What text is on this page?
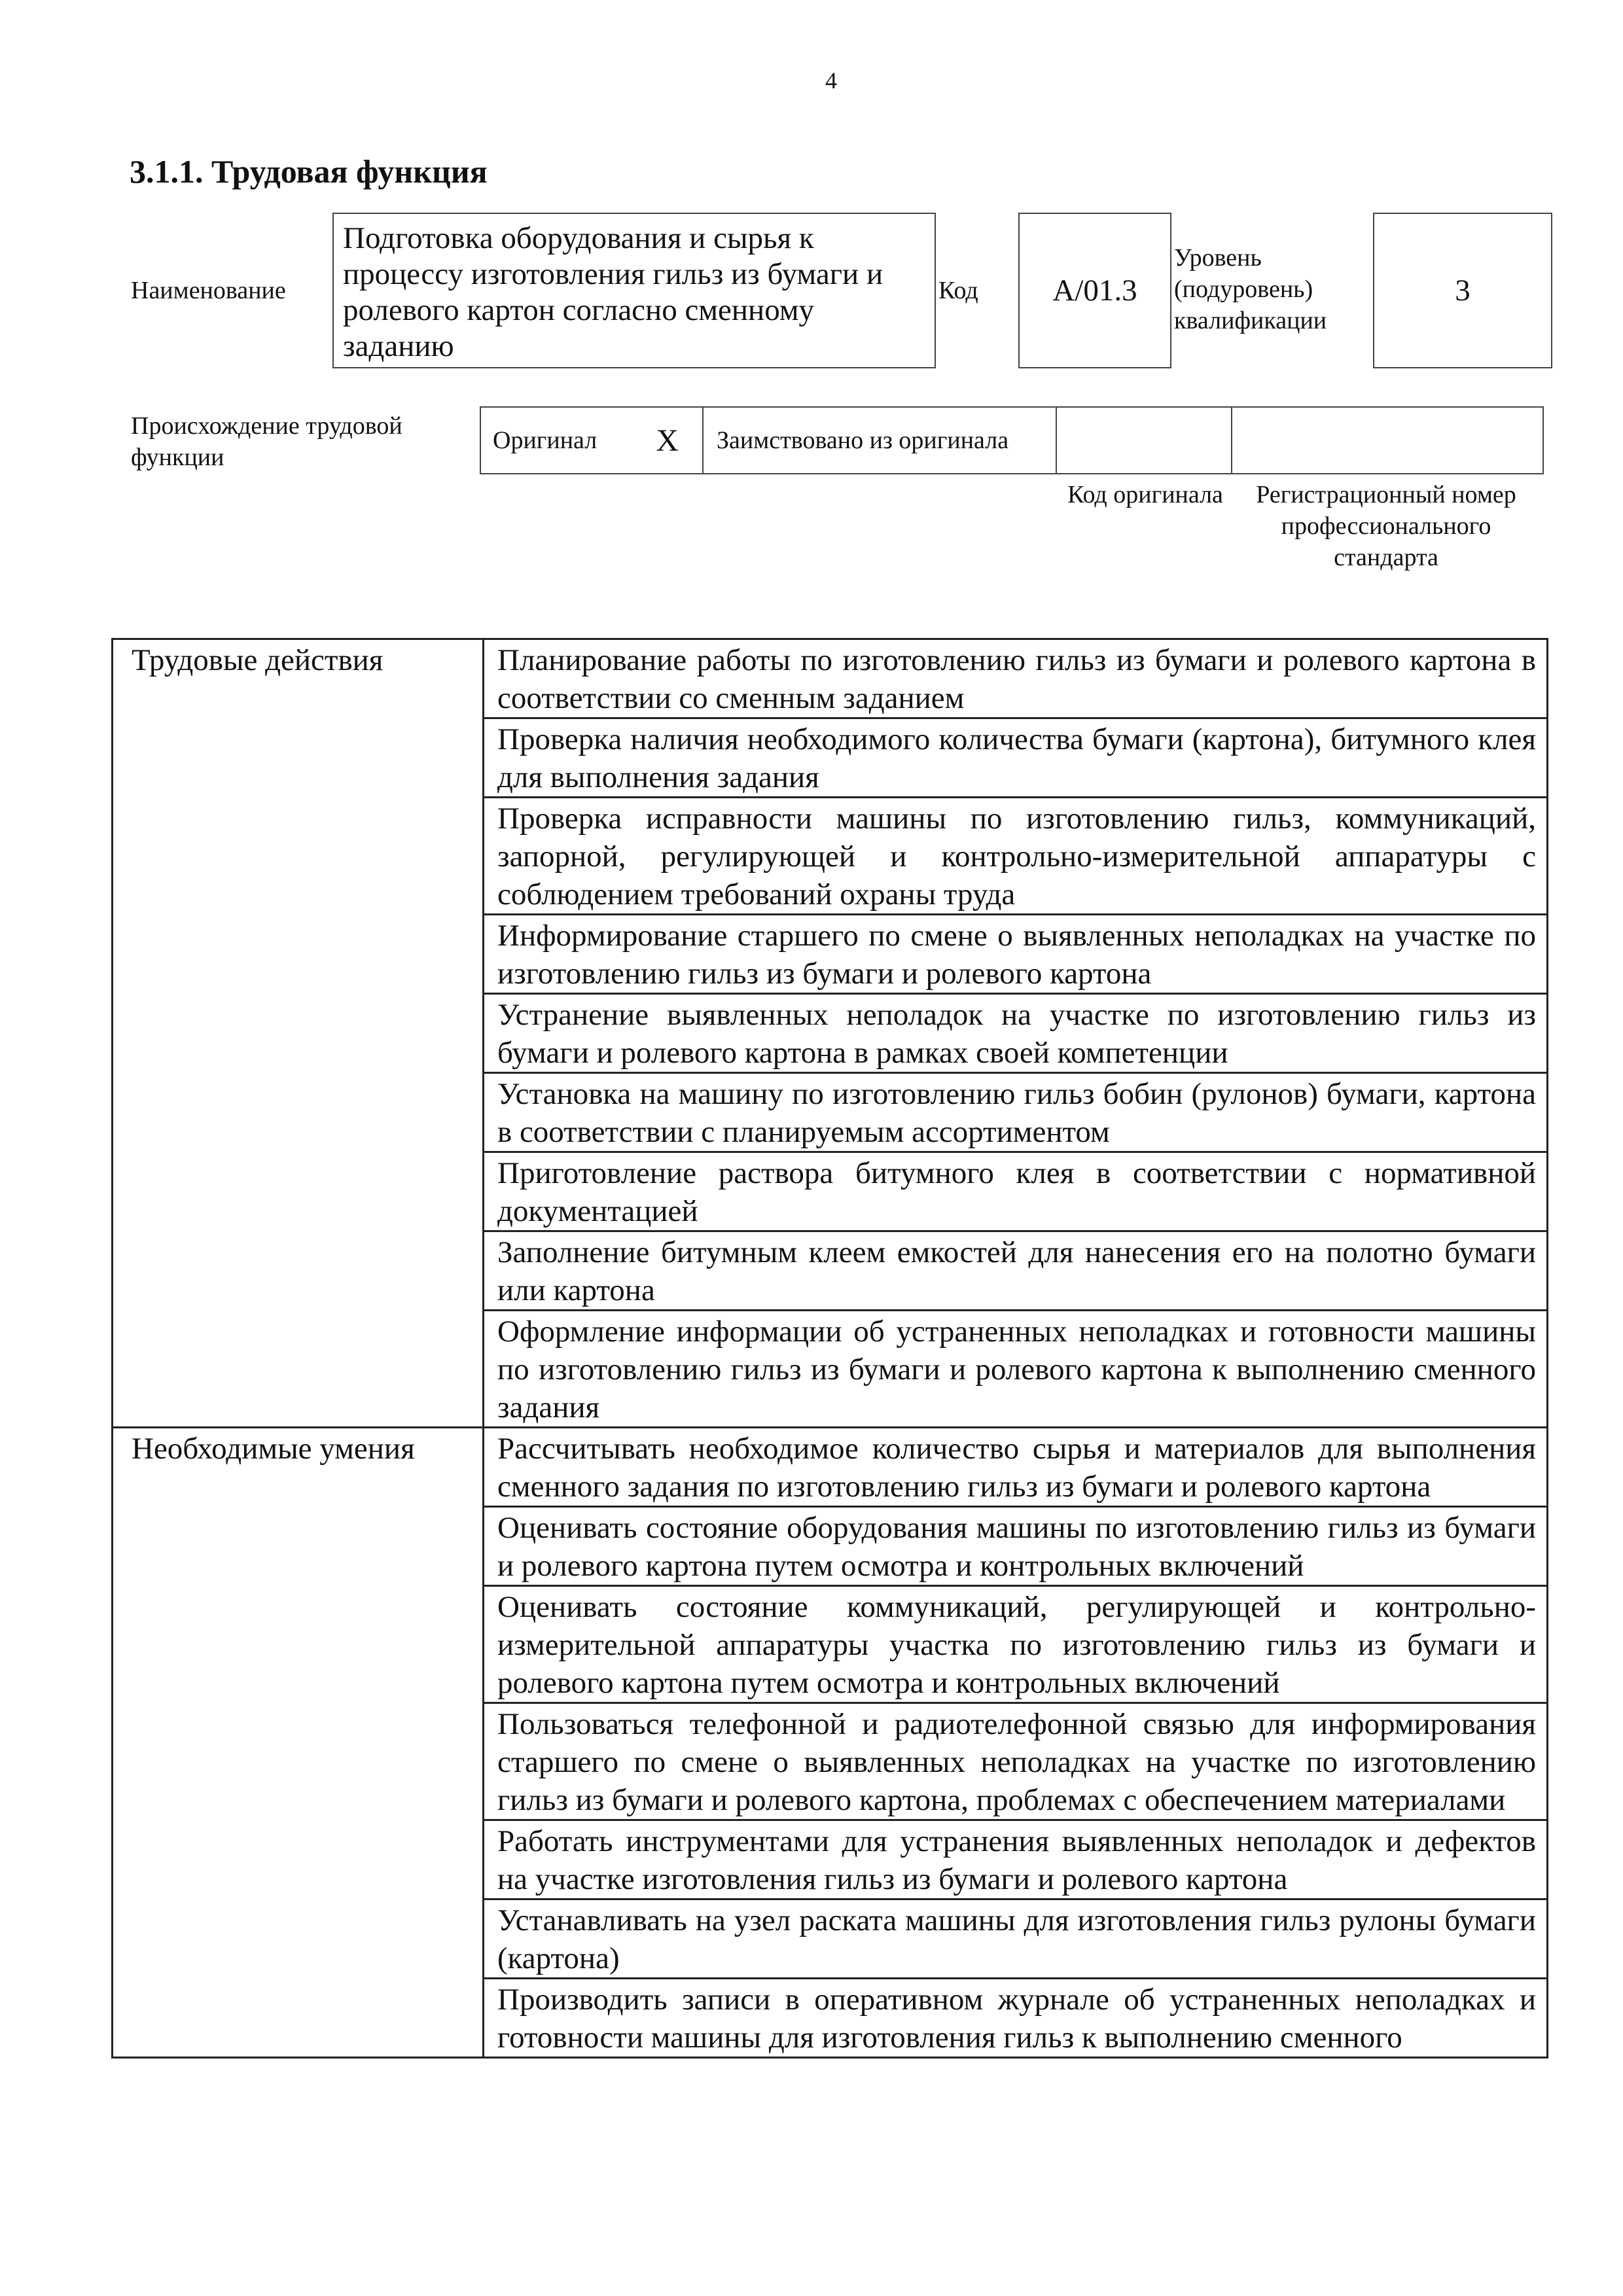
4
3.1.1. Трудовая функция
Наименование
Подготовка оборудования и сырья к процессу изготовления гильз из бумаги и ролевого картон согласно сменному заданию
Код	А/01.3
Уровень (подуровень) квалификации
3
Происхождение трудовой функции
Оригинал X	Заимствовано из оригинала
Код оригинала	Регистрационный номер профессионального стандарта
Трудовые действия	Планирование работы по изготовлению гильз из бумаги и ролевого картона в соответствии со сменным заданием
	Проверка наличия необходимого количества бумаги (картона), битумного клея для выполнения задания
	Проверка исправности машины по изготовлению гильз, коммуникаций, запорной, регулирующей и контрольно-измерительной аппаратуры с соблюдением требований охраны труда
	Информирование старшего по смене о выявленных неполадках на участке по изготовлению гильз из бумаги и ролевого картона
	Устранение выявленных неполадок на участке по изготовлению гильз из бумаги и ролевого картона в рамках своей компетенции
	Установка на машину по изготовлению гильз бобин (рулонов) бумаги, картона в соответствии с планируемым ассортиментом
	Приготовление раствора битумного клея в соответствии с нормативной документацией
	Заполнение битумным клеем емкостей для нанесения его на полотно бумаги или картона
	Оформление информации об устраненных неполадках и готовности машины по изготовлению гильз из бумаги и ролевого картона к выполнению сменного задания
Необходимые умения	Рассчитывать необходимое количество сырья и материалов для выполнения сменного задания по изготовлению гильз из бумаги и ролевого картона
	Оценивать состояние оборудования машины по изготовлению гильз из бумаги и ролевого картона путем осмотра и контрольных включений
	Оценивать состояние коммуникаций, регулирующей и контрольно-измерительной аппаратуры участка по изготовлению гильз из бумаги и ролевого картона путем осмотра и контрольных включений
	Пользоваться телефонной и радиотелефонной связью для информирования старшего по смене о выявленных неполадках на участке по изготовлению гильз из бумаги и ролевого картона, проблемах с обеспечением материалами
	Работать инструментами для устранения выявленных неполадок и дефектов на участке изготовления гильз из бумаги и ролевого картона
	Устанавливать на узел раската машины для изготовления гильз рулоны бумаги (картона)
	Производить записи в оперативном журнале об устраненных неполадках и готовности машины для изготовления гильз к выполнению сменного
